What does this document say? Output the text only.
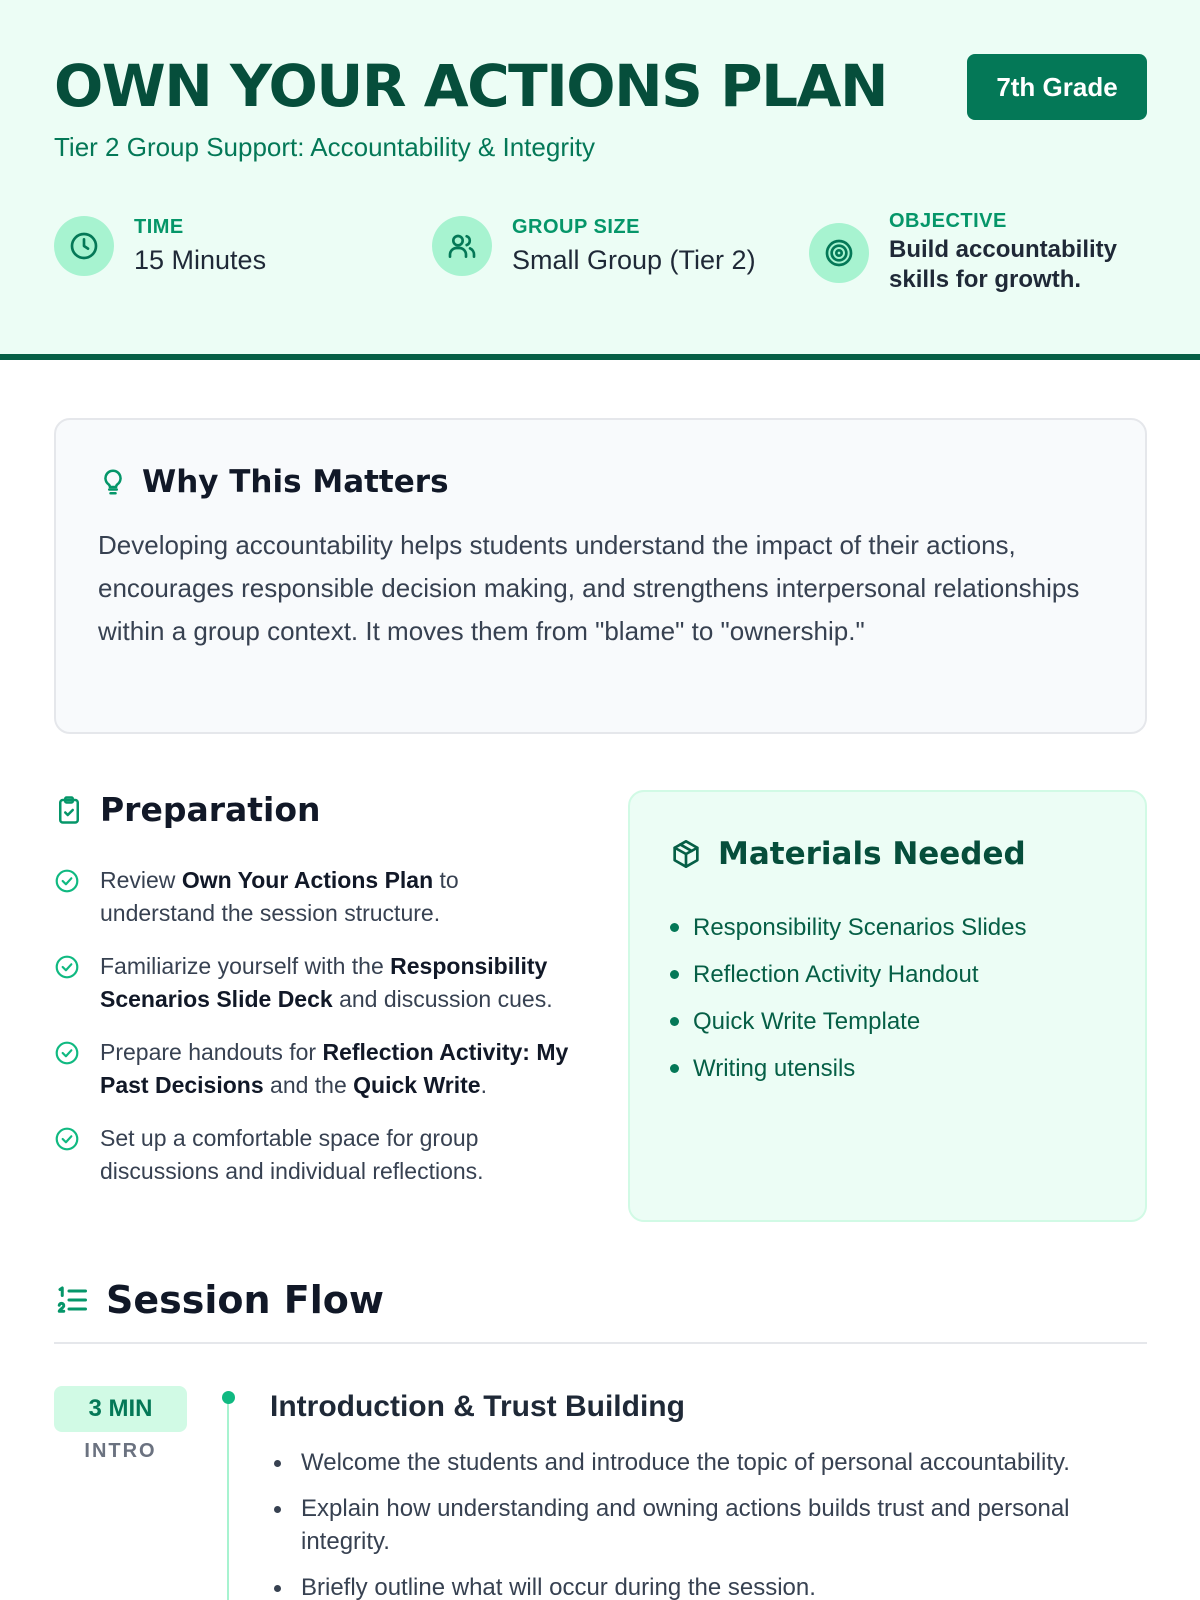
OWN YOUR ACTIONS PLAN
Tier 2 Group Support: Accountability & Integrity
7th Grade
TIME
15 Minutes
GROUP SIZE
Small Group (Tier 2)
OBJECTIVE
Build accountability skills for growth.
Why This Matters

Developing accountability helps students understand the impact of their actions, encourages responsible decision making, and strengthens interpersonal relationships within a group context. It moves them from "blame" to "ownership."

Preparation
Review Own Your Actions Plan to understand the session structure.
Familiarize yourself with the Responsibility Scenarios Slide Deck and discussion cues.
Prepare handouts for Reflection Activity: My Past Decisions and the Quick Write.
Set up a comfortable space for group discussions and individual reflections.
Materials Needed
Responsibility Scenarios Slides
Reflection Activity Handout
Quick Write Template
Writing utensils
Session Flow
3 MIN
INTRO
Introduction & Trust Building
Welcome the students and introduce the topic of personal accountability.
Explain how understanding and owning actions builds trust and personal integrity.
Briefly outline what will occur during the session.
